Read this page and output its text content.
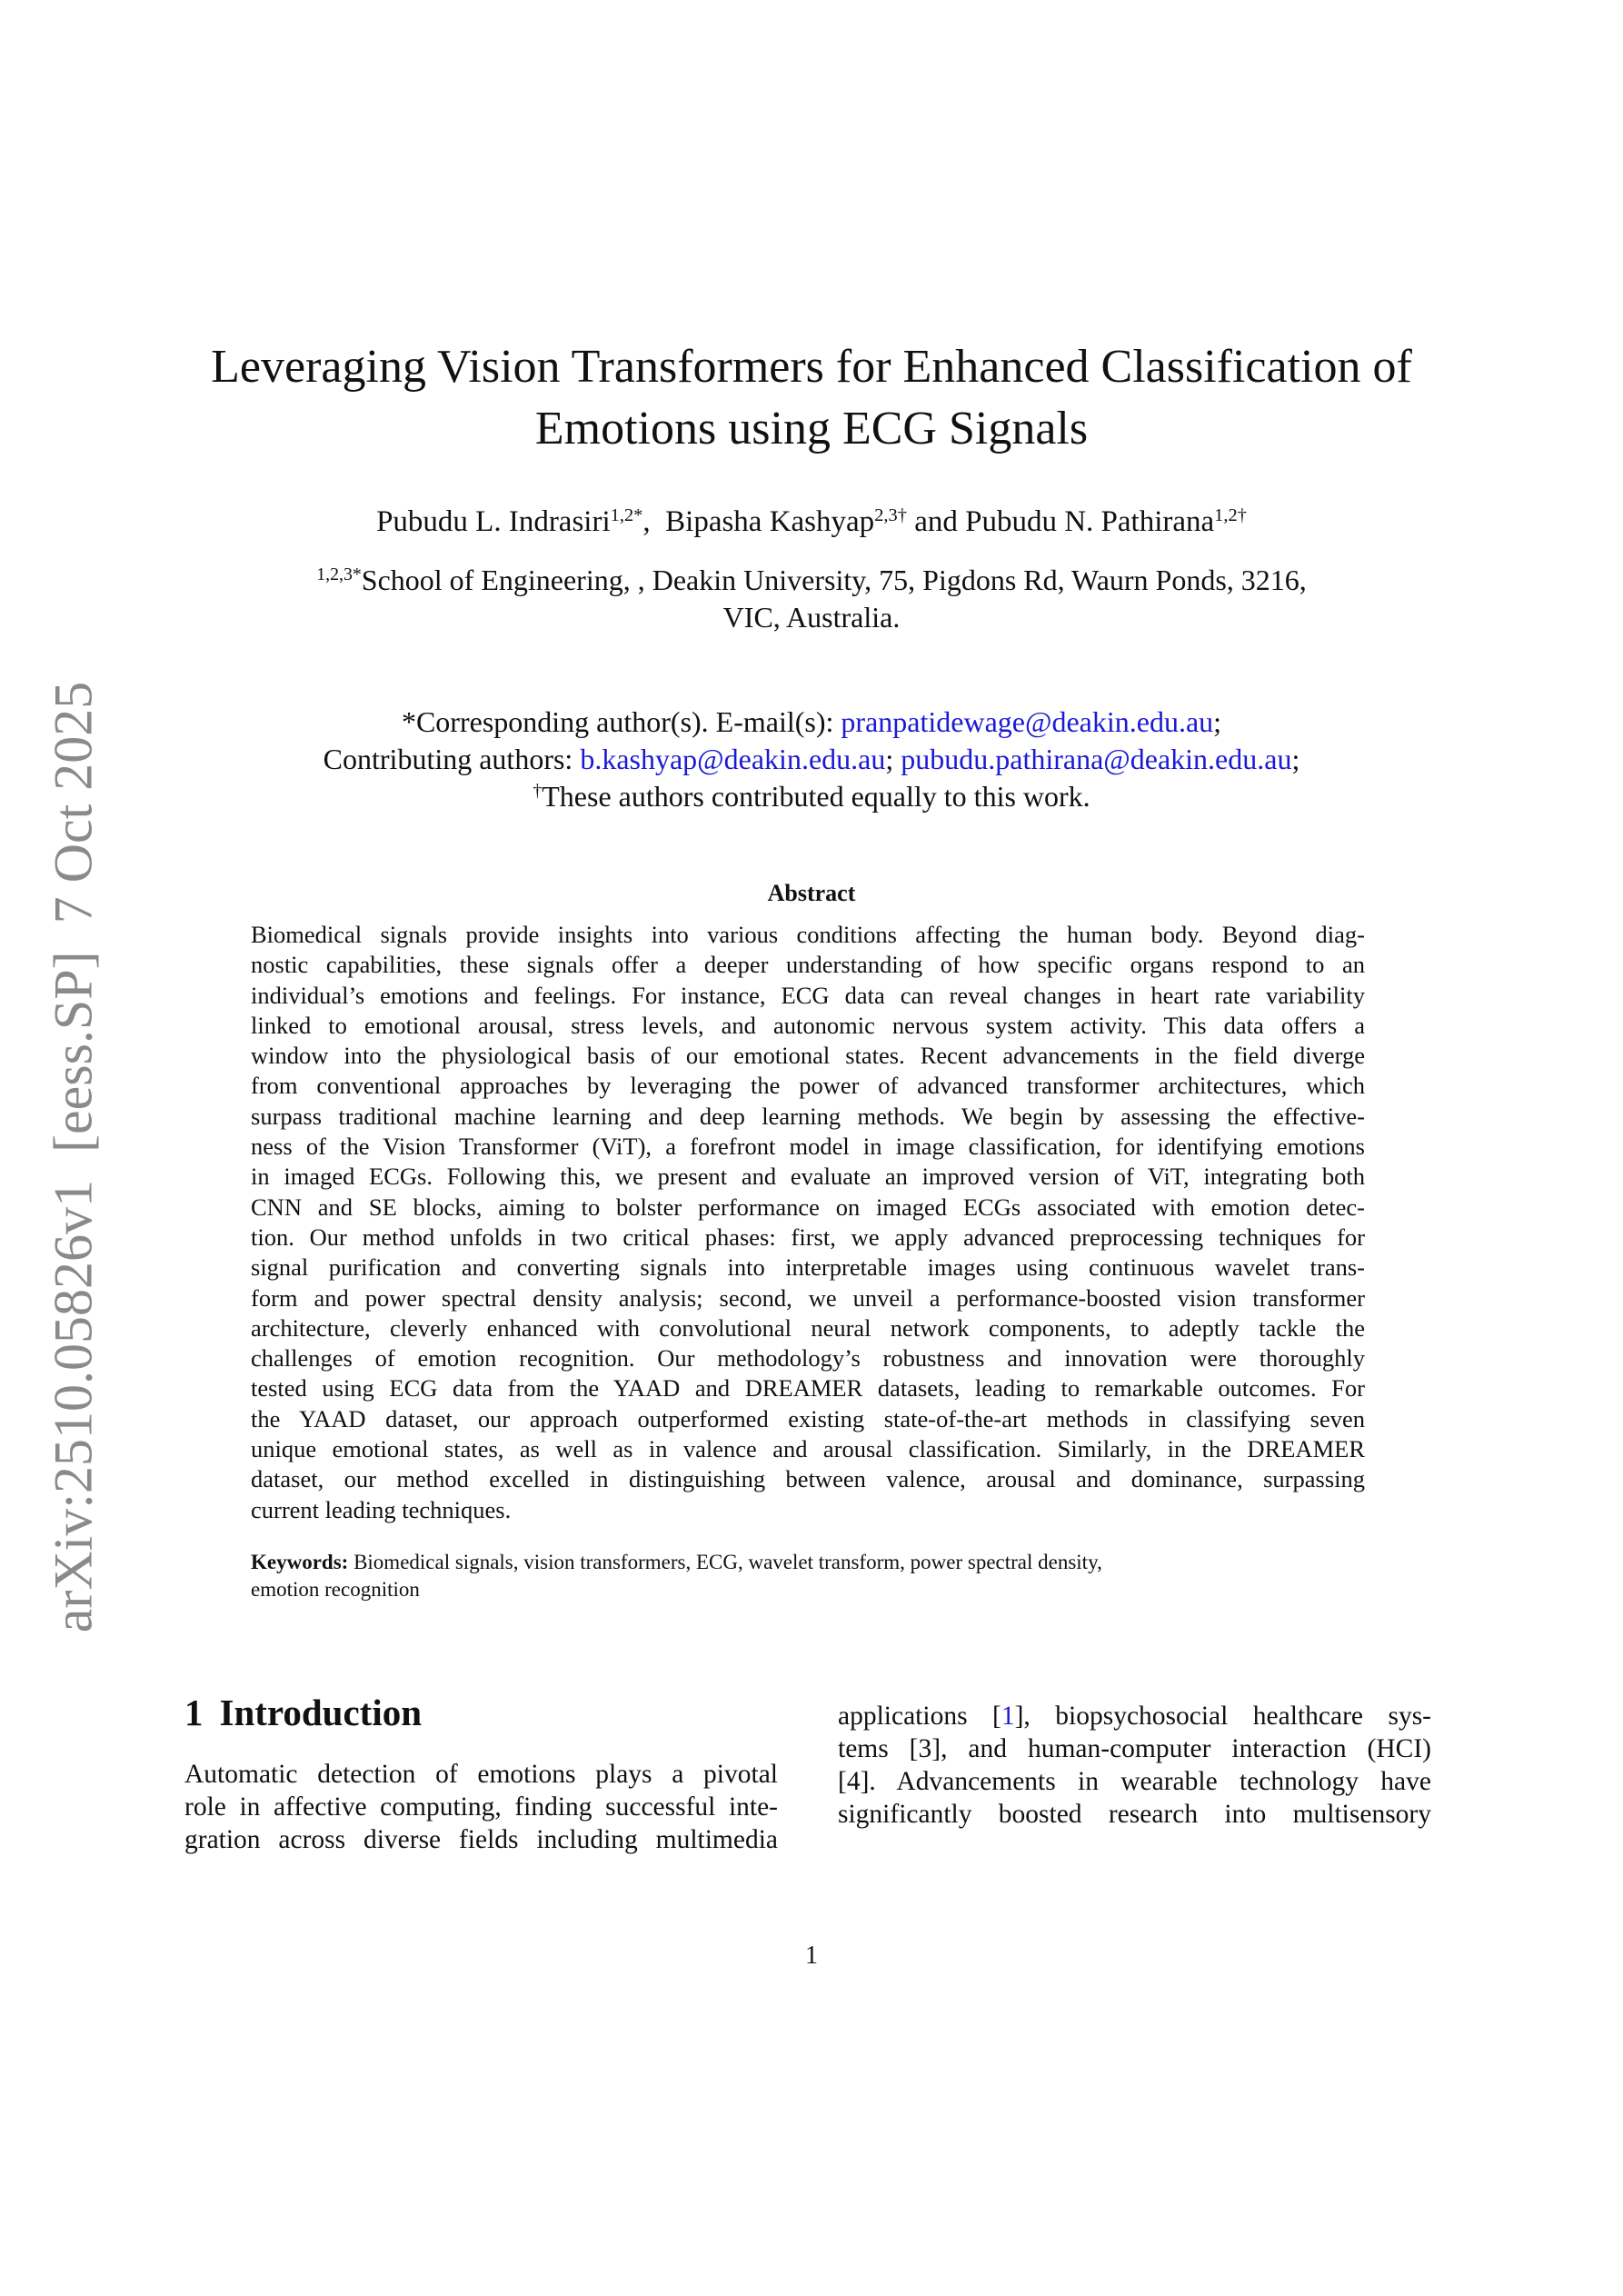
arXiv:2510.05826v1  [eess.SP]  7 Oct 2025
Leveraging Vision Transformers for Enhanced Classification of
Emotions using ECG Signals
Pubudu L. Indrasiri$^{1,2*}$,  Bipasha Kashyap$^{2,3\dagger}$ and Pubudu N. Pathirana$^{1,2\dagger}$
$^{1,2,3*}$School of Engineering, , Deakin University, 75, Pigdons Rd, Waurn Ponds, 3216,
VIC, Australia.
*Corresponding author(s). E-mail(s): pranpatidewage@deakin.edu.au;
Contributing authors: b.kashyap@deakin.edu.au; pubudu.pathirana@deakin.edu.au;
†These authors contributed equally to this work.
Abstract
Biomedical signals provide insights into various conditions affecting the human body. Beyond diag-
nostic capabilities, these signals offer a deeper understanding of how specific organs respond to an
individual’s emotions and feelings. For instance, ECG data can reveal changes in heart rate variability
linked to emotional arousal, stress levels, and autonomic nervous system activity. This data offers a
window into the physiological basis of our emotional states. Recent advancements in the field diverge
from conventional approaches by leveraging the power of advanced transformer architectures, which
surpass traditional machine learning and deep learning methods. We begin by assessing the effective-
ness of the Vision Transformer (ViT), a forefront model in image classification, for identifying emotions
in imaged ECGs. Following this, we present and evaluate an improved version of ViT, integrating both
CNN and SE blocks, aiming to bolster performance on imaged ECGs associated with emotion detec-
tion. Our method unfolds in two critical phases: first, we apply advanced preprocessing techniques for
signal purification and converting signals into interpretable images using continuous wavelet trans-
form and power spectral density analysis; second, we unveil a performance-boosted vision transformer
architecture, cleverly enhanced with convolutional neural network components, to adeptly tackle the
challenges of emotion recognition. Our methodology’s robustness and innovation were thoroughly
tested using ECG data from the YAAD and DREAMER datasets, leading to remarkable outcomes. For
the YAAD dataset, our approach outperformed existing state-of-the-art methods in classifying seven
unique emotional states, as well as in valence and arousal classification. Similarly, in the DREAMER
dataset, our method excelled in distinguishing between valence, arousal and dominance, surpassing
current leading techniques.
Keywords: Biomedical signals, vision transformers, ECG, wavelet transform, power spectral density,
emotion recognition
1 Introduction
Automatic detection of emotions plays a pivotal
role in affective computing, finding successful inte-
gration across diverse fields including multimedia
applications [1], biopsychosocial healthcare sys-
tems [3], and human-computer interaction (HCI)
[4]. Advancements in wearable technology have
significantly boosted research into multisensory
1
